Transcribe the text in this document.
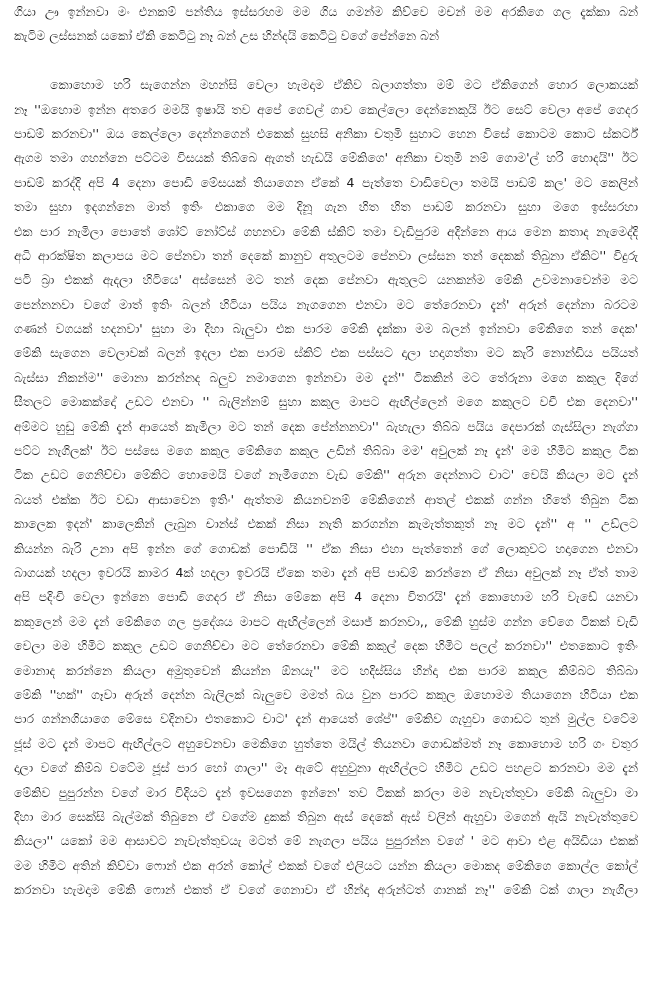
ගියා ඌ ඉන්නවා මං එනකම් පන්තිය ඉස්සරහම මම ගිය ගමන්ම කිව්වෙ මචන් මම අරකිගෙ ගල දැක්කා බන්
කැටිම ලස්සනක් යකෝ ඒකි කෙටිටු නෑ බන් උස හින්දයි කෙටිටු වගේ පේන්නෙ බන්
කොහොම හරි සැගෙන්න මහන්සි වෙලා හැමදාම ඒකිව බලාගත්තා මම් මට ඒකිගෙන් හොර ලොකයක්
නෑ ''ඔහොම ඉන්න අතරෙ මමයි ඉෂායි තව අපේ ගෙවල් ගාව කෙල්ලො දෙන්නෙකුයි ඊට සෙට් වෙලා අපේ ගෙදර
පාඩම් කරනවා'' ඔය කෙල්ලො දෙන්නගෙන් එකෙක් සුහසි අනිකා චතුමි සුහාට හෙන විසේ කොටම කොට ස්කර්ට්
ඇගම තමා ගහන්නෙ පට්ටම විසයක් තිබ්බෙ ඇගත් හැඩයි මේකිගෙ' අනිකා චතුමි නම් ගොම'ල් හරි හොදයි'' ඊට
පාඩම් කරද්දි අපි 4 දෙනා පොඩි මේසයක් තියාගෙන ඒකේ 4 පැත්තෙ වාඩිවෙලා තමයි පාඩම් කල' මට කෙලින්
තමා සුහා ඉදගන්නෙ මාත් ඉතිං එකාගෙ මම දිනූ ගැන හිත හිත පාඩම් කරනවා සුහා මගෙ ඉස්සරහා
එක පාර නැමිලා පොතේ ශෝට් නෝට්ස් ගහනවා මේකි ස්කිට් තමා වැඩිපුරම අදින්නෙ ආය මෙන කතාද නැමෙද්දි
අධි ආරක්ෂිත කලාපය මට පේනවා තන් දෙකේ කානුව අතුලටම පේනවා ලස්සන තන් දෙකක් තිබුනා ඒකිට'' විදුරු
පටි බ්‍රා එකක් ඇදලා හිටියෙ' අස්සෙන් මට තන් දෙක පේනවා ඇතුලට යනකන්ම මේකි උවමනාවෙන්ම මට
පෙන්නනවා වගේ මාත් ඉතිං බලන් හිටියා පයිය නැගගෙන එනවා මට තේරෙනවා දැන්' අරුන් දෙන්නා බරටම
ගණන් වගයක් හදනවා' සුහා මා දිහා බැලුවා එක පාරම මේකි දැක්කා මම බලන් ඉන්නවා මේකිගෙ තන් දෙක'
මේකි සැගෙන වෙලාවක් බලන් ඉදලා එක පාරම ස්කිට් එක පස්සට දාලා හදාගත්තා මට කැරි නොන්ඩිය පයියත්
බැස්සා නිකන්ම'' මොනා කරන්නද බලුව නමාගෙන ඉන්නවා මම දැන්'' ටිකකින් මට තේරුනා මගෙ කකුල දිගේ
සීතලට මොකක්දෝ උඩට එනවා '' බැලින්නම් සුහා කකුල මාපට ඇඟිල්ලෙන් මගෙ කකුලට වචී එක දෙනවා''
අම්මට හුඩු මේකි දැන් ආයෙත් කැමිලා මට තන් දෙක පේන්නනවා'' බැහැලා තිබ්බ පයිය දෙපාරක් ගැස්සිලා නැග්ගා
පට්ට නැගිලක්' ඊට පස්සෙ මගෙ කකුල මේකිගෙ කකුල උඩින් තිබ්බා මම' අවුලක් නෑ දැන්' මම හිමිට කකුල ටික
ටික උඩට ගෙනිච්චා මේකිට හොමෙයි වගේ නැමීගෙන වැඩ මේකි'' අරුන දෙන්නාට චාට' වෙයි කියලා මට දැන්
බයත් එක්ක ඊට වඩා ආසාවෙන ඉතිං' ඇත්තම කියනවනම් මේකිගෙන් ආතල් එකක් ගන්න හිතේ තිබුන ටික
කාලෙක ඉදන්' කාලෙකින් ලැබුන චාන්ස් එකක් නිසා නැති කරගන්න කැමැත්තකුත් නෑ මට දැන්'' අ '' උඩ්ලට
කියන්න බැරි උනා අපි ඉන්න ගේ ගොඩක් පොඩියි '' ඒක නිසා එහා පැත්තෙන් ගේ ලොකුවට හදාගෙන එනවා
බාගයක් හදලා ඉවරයි කාමර 4ක් හදලා ඉවරයි ඒකෙ තමා දැන් අපි පාඩම් කරන්නෙ ඒ නිසා අවුලක් නෑ ඒත් තාම
අපි පදිංචි වෙලා ඉන්නෙ පොඩි ගෙදර ඒ නිසා මේකෙ අපි 4 දෙනා විතරයි' දැන් කොහොම හරි වැඩේ යනවා
කකුලෙන් මම දැන් මේකිගෙ ගල ප්‍රදේශය මාපට ඇඟිල්ලෙන් මසාජ් කරනවා,, මේකි හුස්ම ගන්න වේගෙ ටිකක් වැඩි
වෙලා මම හිමිට කකුල උඩට ගෙනිච්චා මට තේරෙනවා මේකි කකුල් දෙක හිමිට පලල් කරනවා'' එතකොට ඉතිං
මොනාද කරන්නෙ කියලා අමුතුවෙන් කියන්න ඕනයැ'' මට හදිස්සිය හින්දා එක පාරම කකුල කිම්බට තිබ්බා
මේකි ''හක්'' ගෑවා අරුන් දෙන්න බැලිලක් බැලුවෙ මමත් බය වුන පාරට කකුල ඔහොමම තියාගෙන හිටියා එක
පාර ගන්නගියාගෙ මේසෙ වදිනවා එතකොට චාට' දැන් ආයෙත් ශේප්'' මේකිව ගැහුවා ගොඩට තුන් මුල්ල වටේම
ජූස් මට දැන් මාපට ඇඟිල්ලට අහුවෙනවා මෙකිගෙ හුත්තෙ මයිල් තියනවා ගොඩක්මත් නෑ කොහොම හරි ගං වතුර
දාලා වගේ කිම්බ වටේම ජූස් පාර හෝ ගාලා'' මෑ ඇටේ අහුවුනා ඇඟිල්ලට හිමිට උඩට පහළට කරනවා මම දැන්
මේකිව පුපුරන්න වගේ මාර විදියට දැන් ඉවසගෙන ඉන්නෙ' තව ටිකක් කරලා මම නැවැත්තුවා මේකි බැලුවා මා
දිහා මාර සෙක්සි බැල්මක් තිබුනෙ ඒ වගේම දුකක් තිබුන ඇස් දෙකේ ඇස් වලින් ඇහුවා මගෙන් ඇයි නැවැත්තුවෙ
කියලා'' යකෝ මම ආසාවට නැවැත්තුවයැ මටත් මේ නැගලා පයිය පුපුරන්න වගේ ' මට ආවා එළ අයිඩියා එකක්
මම හිමිට අතින් කිව්වා ෆොන් එක අරන් කෝල් එකක් වගේ එලියට යන්න කියලා මොකද මේකිගෙ කොල්ල කෝල්
කරනවා හැමදාම මේකි ෆොන් එකත් ඒ වගේ ගෙනාවා ඒ හින්දා අරුන්ටත් ගානක් නෑ'' මේකි ටක් ගාලා නැගිලා
